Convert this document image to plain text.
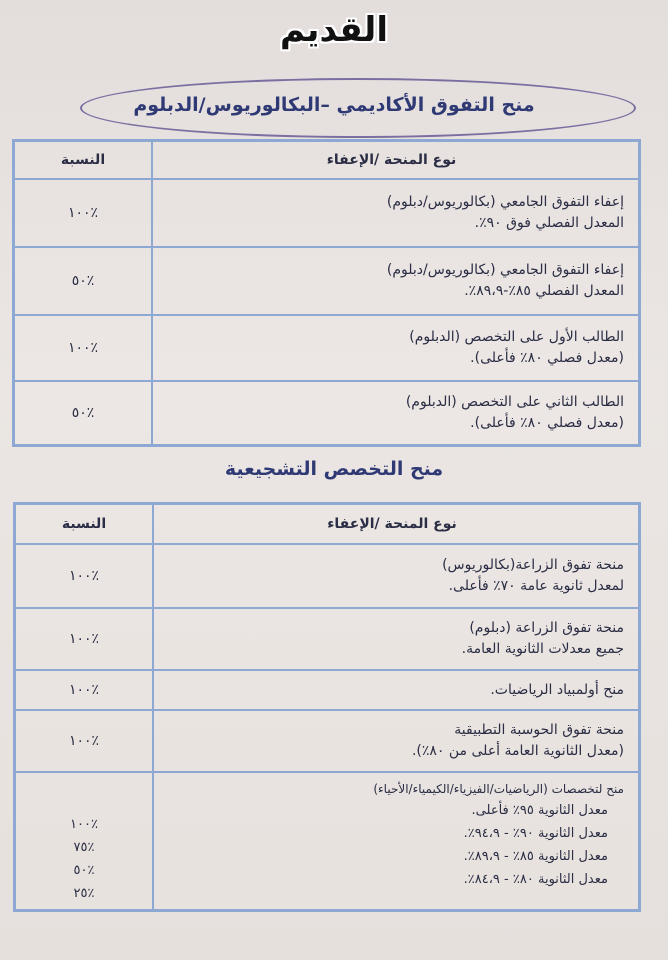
القديم
منح التفوق الأكاديمي –البكالوريوس/الدبلوم
نوع المنحة /الإعفاء
النسبة
إعفاء التفوق الجامعي (بكالوريوس/دبلوم)
المعدل الفصلي فوق ٩٠٪.
٪١٠٠
إعفاء التفوق الجامعي (بكالوريوس/دبلوم)
المعدل الفصلي ٨٥٪-٨٩،٩٪.
٪٥٠
الطالب الأول على التخصص (الدبلوم)
(معدل فصلي ٨٠٪ فأعلى).
٪١٠٠
الطالب الثاني على التخصص (الدبلوم)
(معدل فصلي ٨٠٪ فأعلى).
٪٥٠
منح التخصص التشجيعية
نوع المنحة /الإعفاء
النسبة
منحة تفوق الزراعة(بكالوريوس)
لمعدل ثانوية عامة ٧٠٪ فأعلى.
٪١٠٠
منحة تفوق الزراعة (دبلوم)
جميع معدلات الثانوية العامة.
٪١٠٠
منح أولمبياد الرياضيات.
٪١٠٠
منحة تفوق الحوسبة التطبيقية
(معدل الثانوية العامة أعلى من ٨٠٪).
٪١٠٠
منح لتخصصات (الرياضيات/الفيزياء/الكيمياء/الأحياء)
معدل الثانوية ٩٥٪ فأعلى.
معدل الثانوية ٩٠٪ - ٩٤،٩٪.
معدل الثانوية ٨٥٪ - ٨٩،٩٪.
معدل الثانوية ٨٠٪ - ٨٤،٩٪.
٪١٠٠
٪٧٥
٪٥٠
٪٢٥
